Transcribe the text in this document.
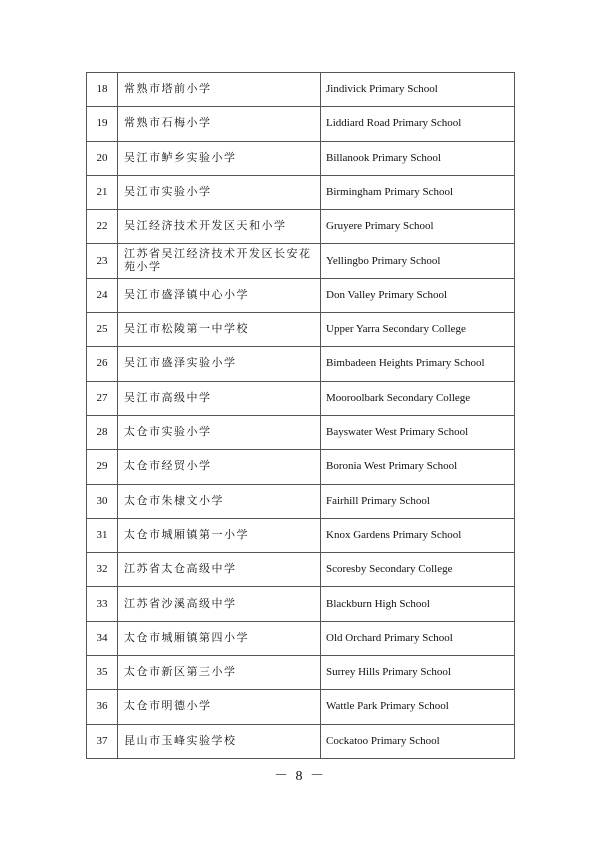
18	常熟市塔前小学	Jindivick Primary School
19	常熟市石梅小学	Liddiard Road Primary School
20	吴江市鲈乡实验小学	Billanook Primary School
21	吴江市实验小学	Birmingham Primary School
22	吴江经济技术开发区天和小学	Gruyere Primary School
23	江苏省吴江经济技术开发区长安花苑小学	Yellingbo Primary School
24	吴江市盛泽镇中心小学	Don Valley Primary School
25	吴江市松陵第一中学校	Upper Yarra Secondary College
26	吴江市盛泽实验小学	Bimbadeen Heights Primary School
27	吴江市高级中学	Mooroolbark Secondary College
28	太仓市实验小学	Bayswater West Primary School
29	太仓市经贸小学	Boronia West Primary School
30	太仓市朱棣文小学	Fairhill Primary School
31	太仓市城厢镇第一小学	Knox Gardens Primary School
32	江苏省太仓高级中学	Scoresby Secondary College
33	江苏省沙溪高级中学	Blackburn High School
34	太仓市城厢镇第四小学	Old Orchard Primary School
35	太仓市新区第三小学	Surrey Hills Primary School
36	太仓市明德小学	Wattle Park Primary School
37	昆山市玉峰实验学校	Cockatoo Primary School
－ 8 －
